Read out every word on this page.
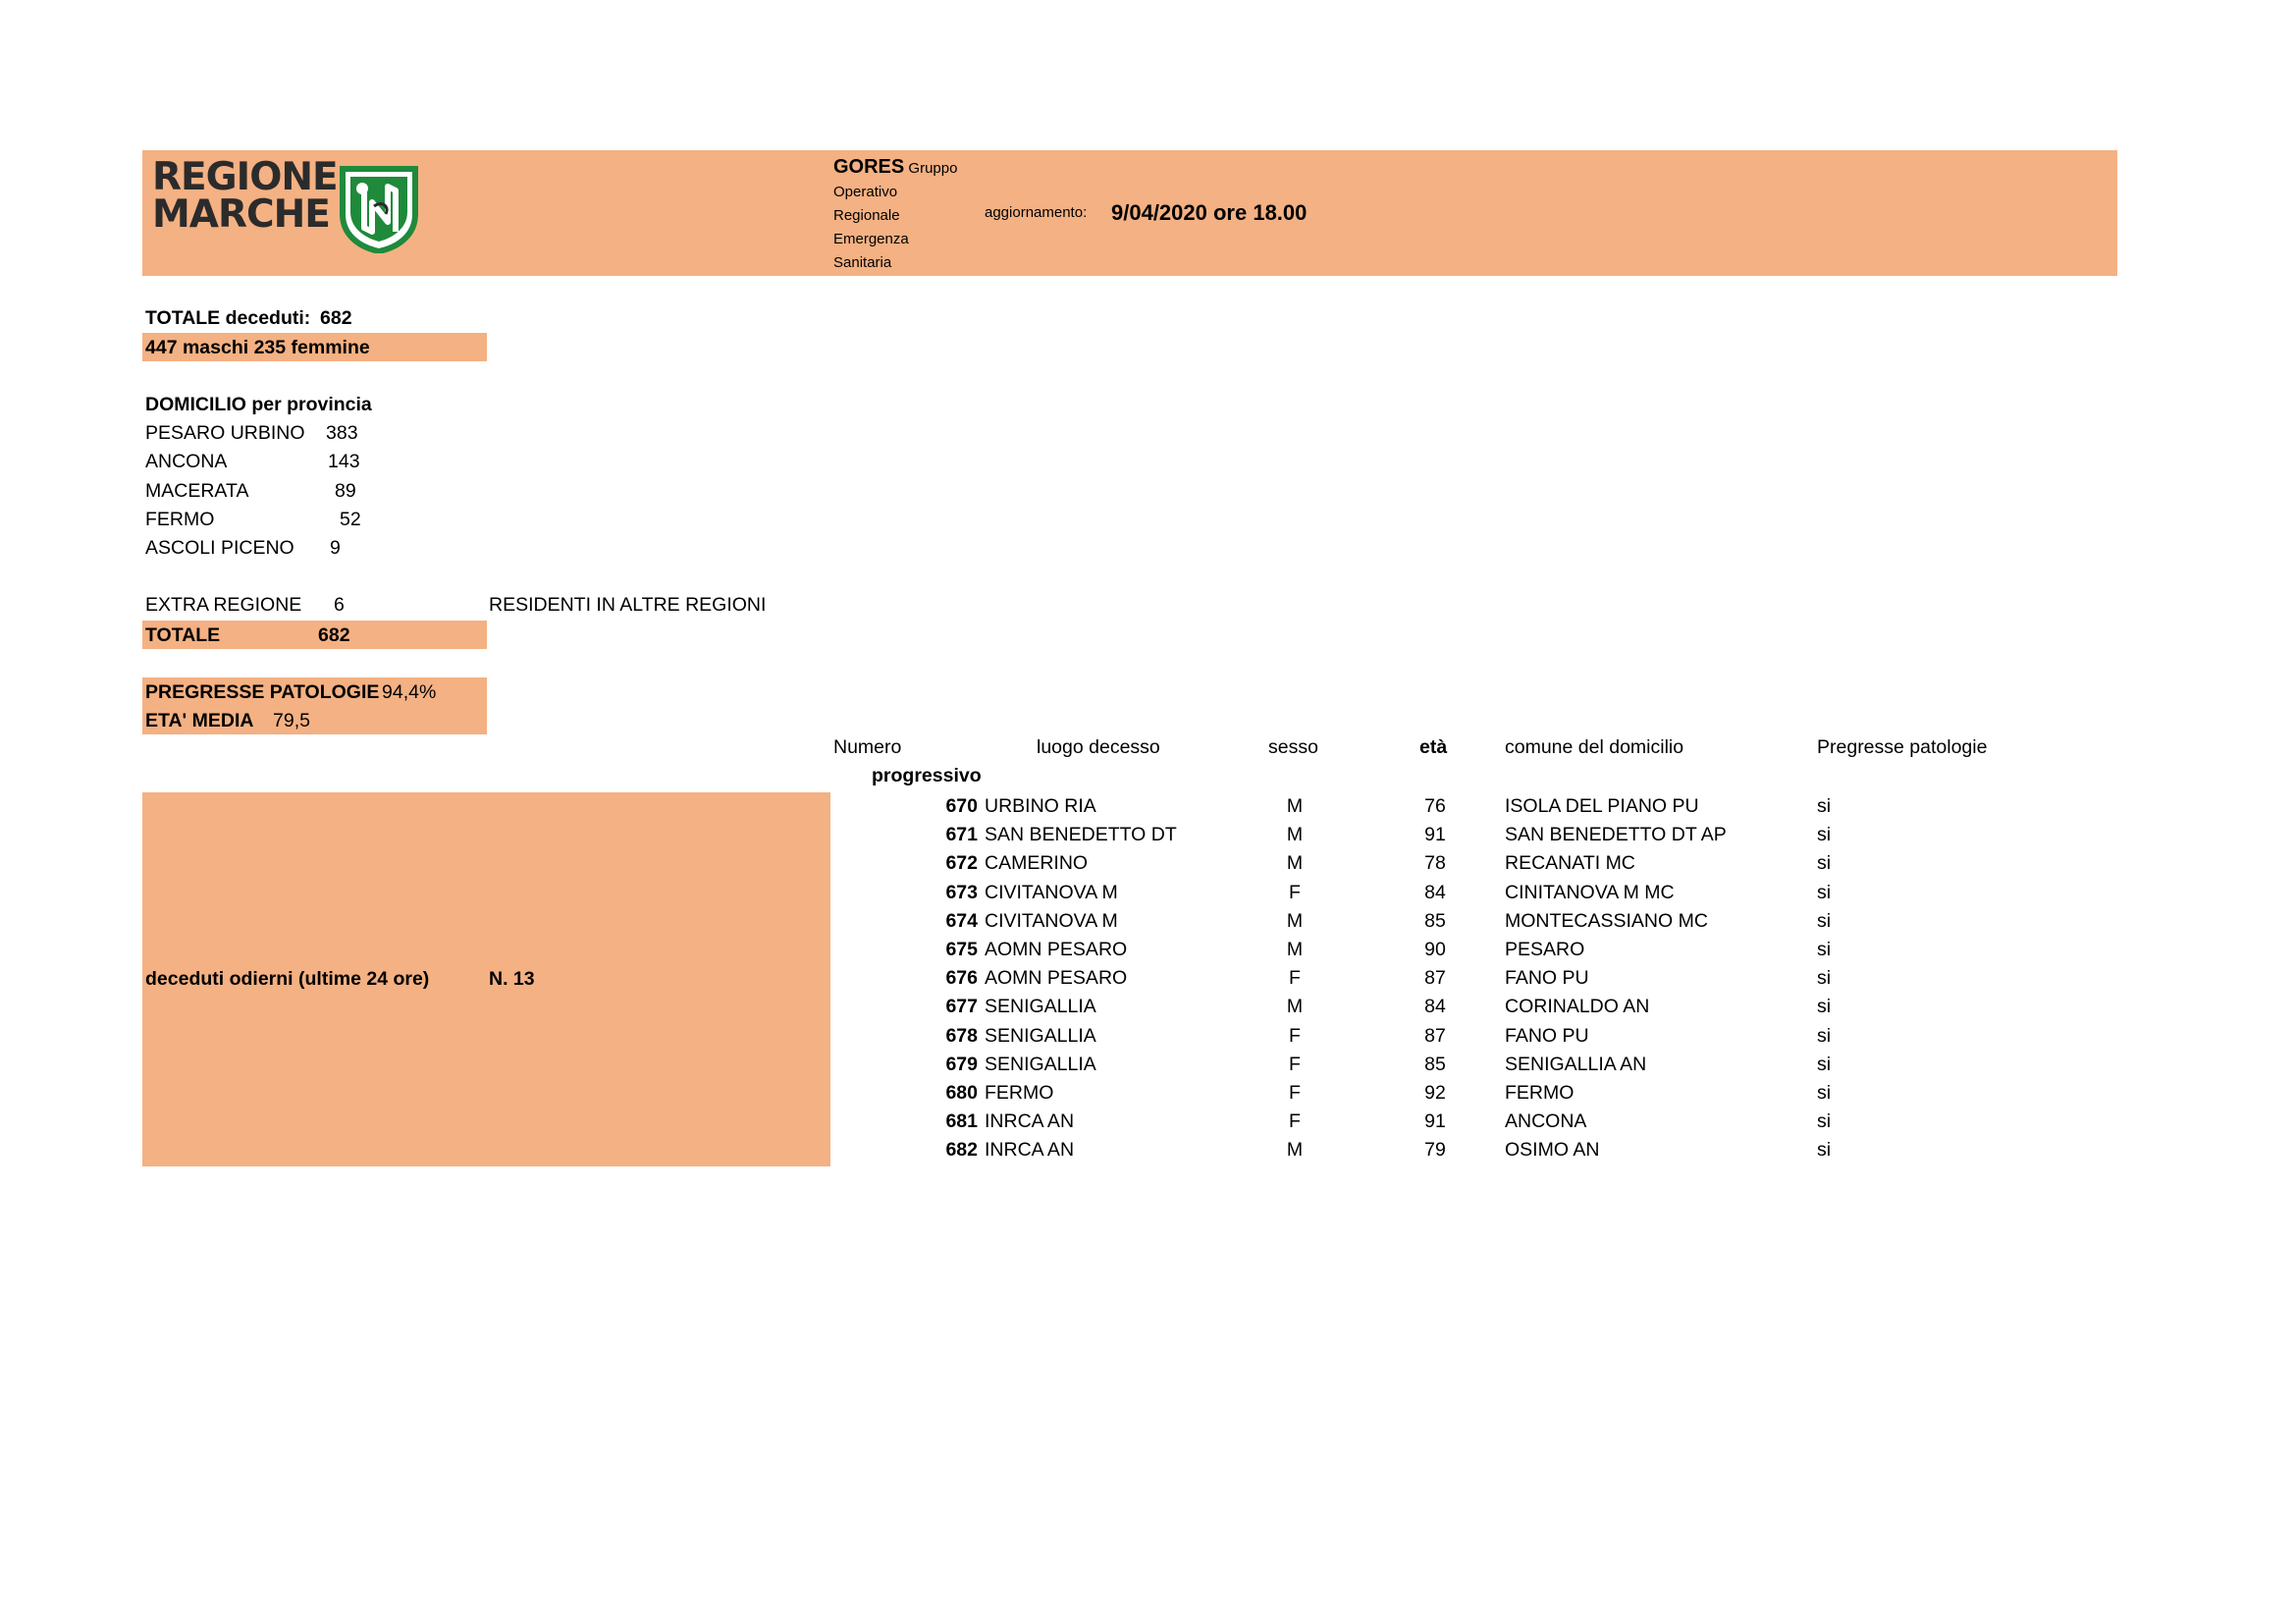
REGIONE
MARCHE
GORES Gruppo
Operativo
Regionale
Emergenza
Sanitaria
aggiornamento: 9/04/2020 ore 18.00
TOTALE deceduti: 682
447 maschi 235 femmine
DOMICILIO per provincia
PESARO URBINO 383
ANCONA	143
MACERATA	89
FERMO	52
ASCOLI PICENO 9
EXTRA REGIONE 6	RESIDENTI IN ALTRE REGIONI
TOTALE	682
PREGRESSE PATOLOGIE 94,4%
ETA' MEDIA 79,5
deceduti odierni (ultime 24 ore)	N. 13
Numero
progressivo
luogo decesso	sesso	età	comune del domicilio	Pregresse patologie
670 URBINO RIA	M	76	ISOLA DEL PIANO PU	si
671 SAN BENEDETTO DT	M	91	SAN BENEDETTO DT AP	si
672 CAMERINO	M	78	RECANATI MC	si
673 CIVITANOVA M	F	84	CINITANOVA M MC	si
674 CIVITANOVA M	M	85	MONTECASSIANO MC	si
675 AOMN PESARO	M	90	PESARO	si
676 AOMN PESARO	F	87	FANO PU	si
677 SENIGALLIA	M	84	CORINALDO AN	si
678 SENIGALLIA	F	87	FANO PU	si
679 SENIGALLIA	F	85	SENIGALLIA AN	si
680 FERMO	F	92	FERMO	si
681 INRCA AN	F	91	ANCONA	si
682 INRCA AN	M	79	OSIMO AN	si
